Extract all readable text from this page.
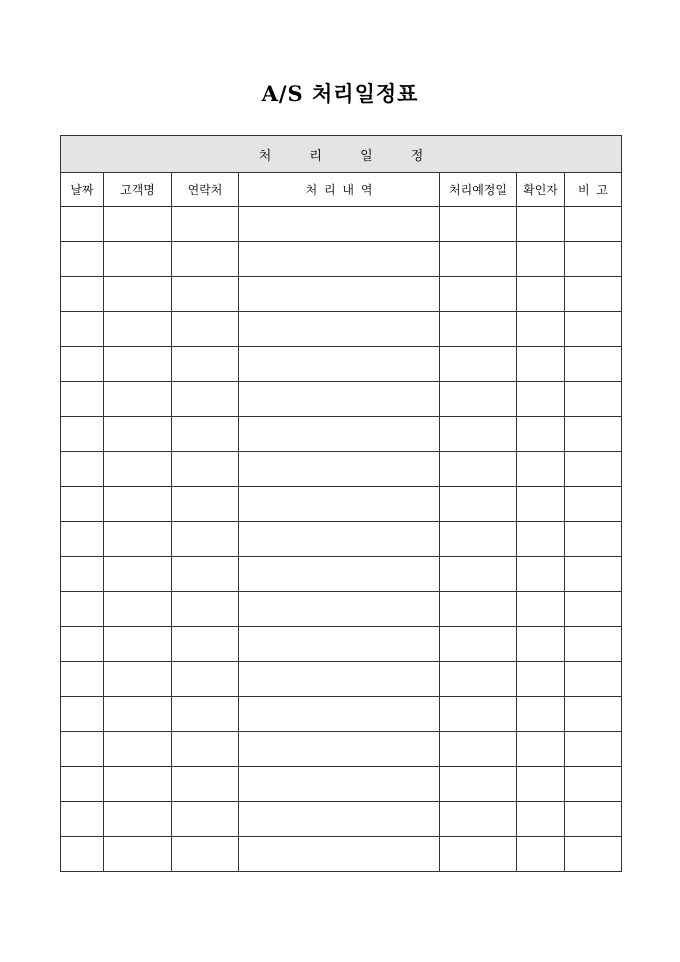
A/S 처리일정표
처 리 일 정						
날짜	고객명	연락처	처 리 내 역	처리예정일	확인자	비 고
